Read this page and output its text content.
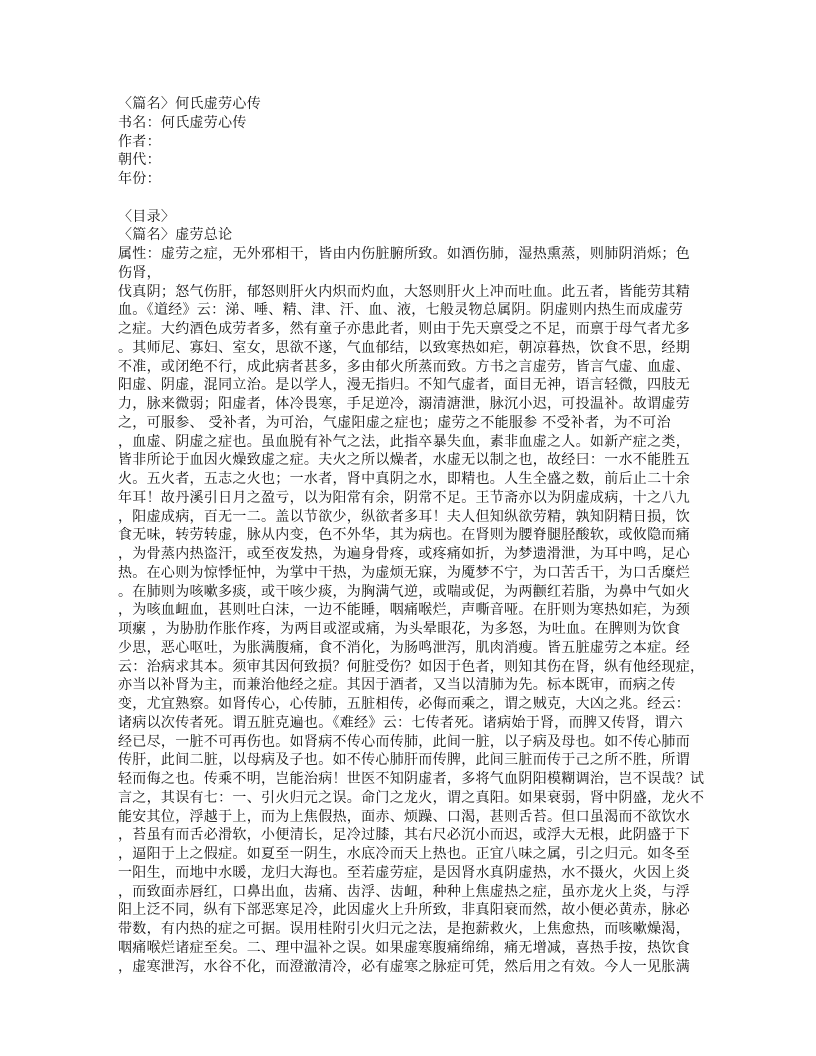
〈篇名〉何氏虚劳心传
书名：何氏虚劳心传
作者：
朝代：
年份：
〈目录〉
〈篇名〉虚劳总论
属性：虚劳之症，无外邪相干，皆由内伤脏腑所致。如酒伤肺，湿热熏蒸，则肺阴消烁；色
伤肾，
伐真阴；怒气伤肝，郁怒则肝火内炽而灼血，大怒则肝火上冲而吐血。此五者，皆能劳其精
血。《道经》云：涕、唾、精、津、汗、血、液，七般灵物总属阴。阴虚则内热生而成虚劳
之症。大约酒色成劳者多，然有童子亦患此者，则由于先天禀受之不足，而禀于母气者尤多
。其师尼、寡妇、室女，思欲不遂，气血郁结，以致寒热如疟，朝凉暮热，饮食不思，经期
不准，或闭绝不行，成此病者甚多，多由郁火所蒸而致。方书之言虚劳，皆言气虚、血虚、
阳虚、阴虚，混同立治。是以学人，漫无指归。不知气虚者，面目无神，语言轻微，四肢无
力，脉来微弱；阳虚者，体冷畏寒，手足逆冷，溺清溏泄，脉沉小迟，可投温补。故谓虚劳
之，可服参、 受补者，为可治，气虚阳虚之症也；虚劳之不能服参 不受补者，为不可治
，血虚、阴虚之症也。虽血脱有补气之法，此指卒暴失血，素非血虚之人。如新产症之类，
皆非所论于血因火燥致虚之症。夫火之所以燥者，水虚无以制之也，故经曰：一水不能胜五
火。五火者，五志之火也；一水者，肾中真阴之水，即精也。人生全盛之数，前后止二十余
年耳！故丹溪引日月之盈亏，以为阳常有余，阴常不足。王节斋亦以为阴虚成病，十之八九
，阳虚成病，百无一二。盖以节欲少，纵欲者多耳！夫人但知纵欲劳精，孰知阴精日损，饮
食无味，转劳转虚，脉从内变，色不外华，其为病也。在肾则为腰脊腿胫酸软，或攸隐而痛
，为骨蒸内热盗汗，或至夜发热，为遍身骨疼，或疼痛如折，为梦遗滑泄，为耳中鸣，足心
热。在心则为惊悸怔忡，为掌中干热，为虚烦无寐，为魇梦不宁，为口苦舌干，为口舌糜烂
。在肺则为咳嗽多痰，或干咳少痰，为胸满气逆，或喘或促，为两颧红若脂，为鼻中气如火
，为咳血衄血，甚则吐白沫，一边不能睡，咽痛喉烂，声嘶音哑。在肝则为寒热如疟，为颈
项瘰 ，为胁肋作胀作疼，为两目或涩或痛，为头晕眼花，为多怒，为吐血。在脾则为饮食
少思，恶心呕吐，为胀满腹痛，食不消化，为肠鸣泄泻，肌肉消瘦。皆五脏虚劳之本症。经
云：治病求其本。须审其因何致损？何脏受伤？如因于色者，则知其伤在肾，纵有他经现症，
亦当以补肾为主，而兼治他经之症。其因于酒者，又当以清肺为先。标本既审，而病之传
变，尤宜熟察。如肾传心，心传肺，五脏相传，必侮而乘之，谓之贼克，大凶之兆。经云：
诸病以次传者死。谓五脏克遍也。《难经》云：七传者死。诸病始于肾，而脾又传肾，谓六
经已尽，一脏不可再伤也。如肾病不传心而传肺，此间一脏，以子病及母也。如不传心肺而
传肝，此间二脏，以母病及子也。如不传心肺肝而传脾，此间三脏而传于己之所不胜，所谓
轻而侮之也。传乘不明，岂能治病！世医不知阴虚者，多将气血阴阳模糊调治，岂不误哉？试
言之，其误有七：一、引火归元之误。命门之龙火，谓之真阳。如果衰弱，肾中阴盛，龙火不
能安其位，浮越于上，而为上焦假热，面赤、烦躁、口渴，甚则舌苔。但口虽渴而不欲饮水
，苔虽有而舌必滑软，小便清长，足冷过膝，其右尺必沉小而迟，或浮大无根，此阴盛于下
，逼阳于上之假症。如夏至一阴生，水底冷而天上热也。正宜八味之属，引之归元。如冬至
一阳生，而地中水暖，龙归大海也。至若虚劳症，是因肾水真阴虚热，水不摄火，火因上炎
，而致面赤唇红，口鼻出血，齿痛、齿浮、齿衄，种种上焦虚热之症，虽亦龙火上炎，与浮
阳上泛不同，纵有下部恶寒足冷，此因虚火上升所致，非真阳衰而然，故小便必黄赤，脉必
带数，有内热的症之可据。误用桂附引火归元之法，是抱薪救火，上焦愈热，而咳嗽燥渴，
咽痛喉烂诸症至矣。二、理中温补之误。如果虚寒腹痛绵绵，痛无增减，喜热手按，热饮食
，虚寒泄泻，水谷不化，而澄澈清冷，必有虚寒之脉症可凭，然后用之有效。今人一见胀满
